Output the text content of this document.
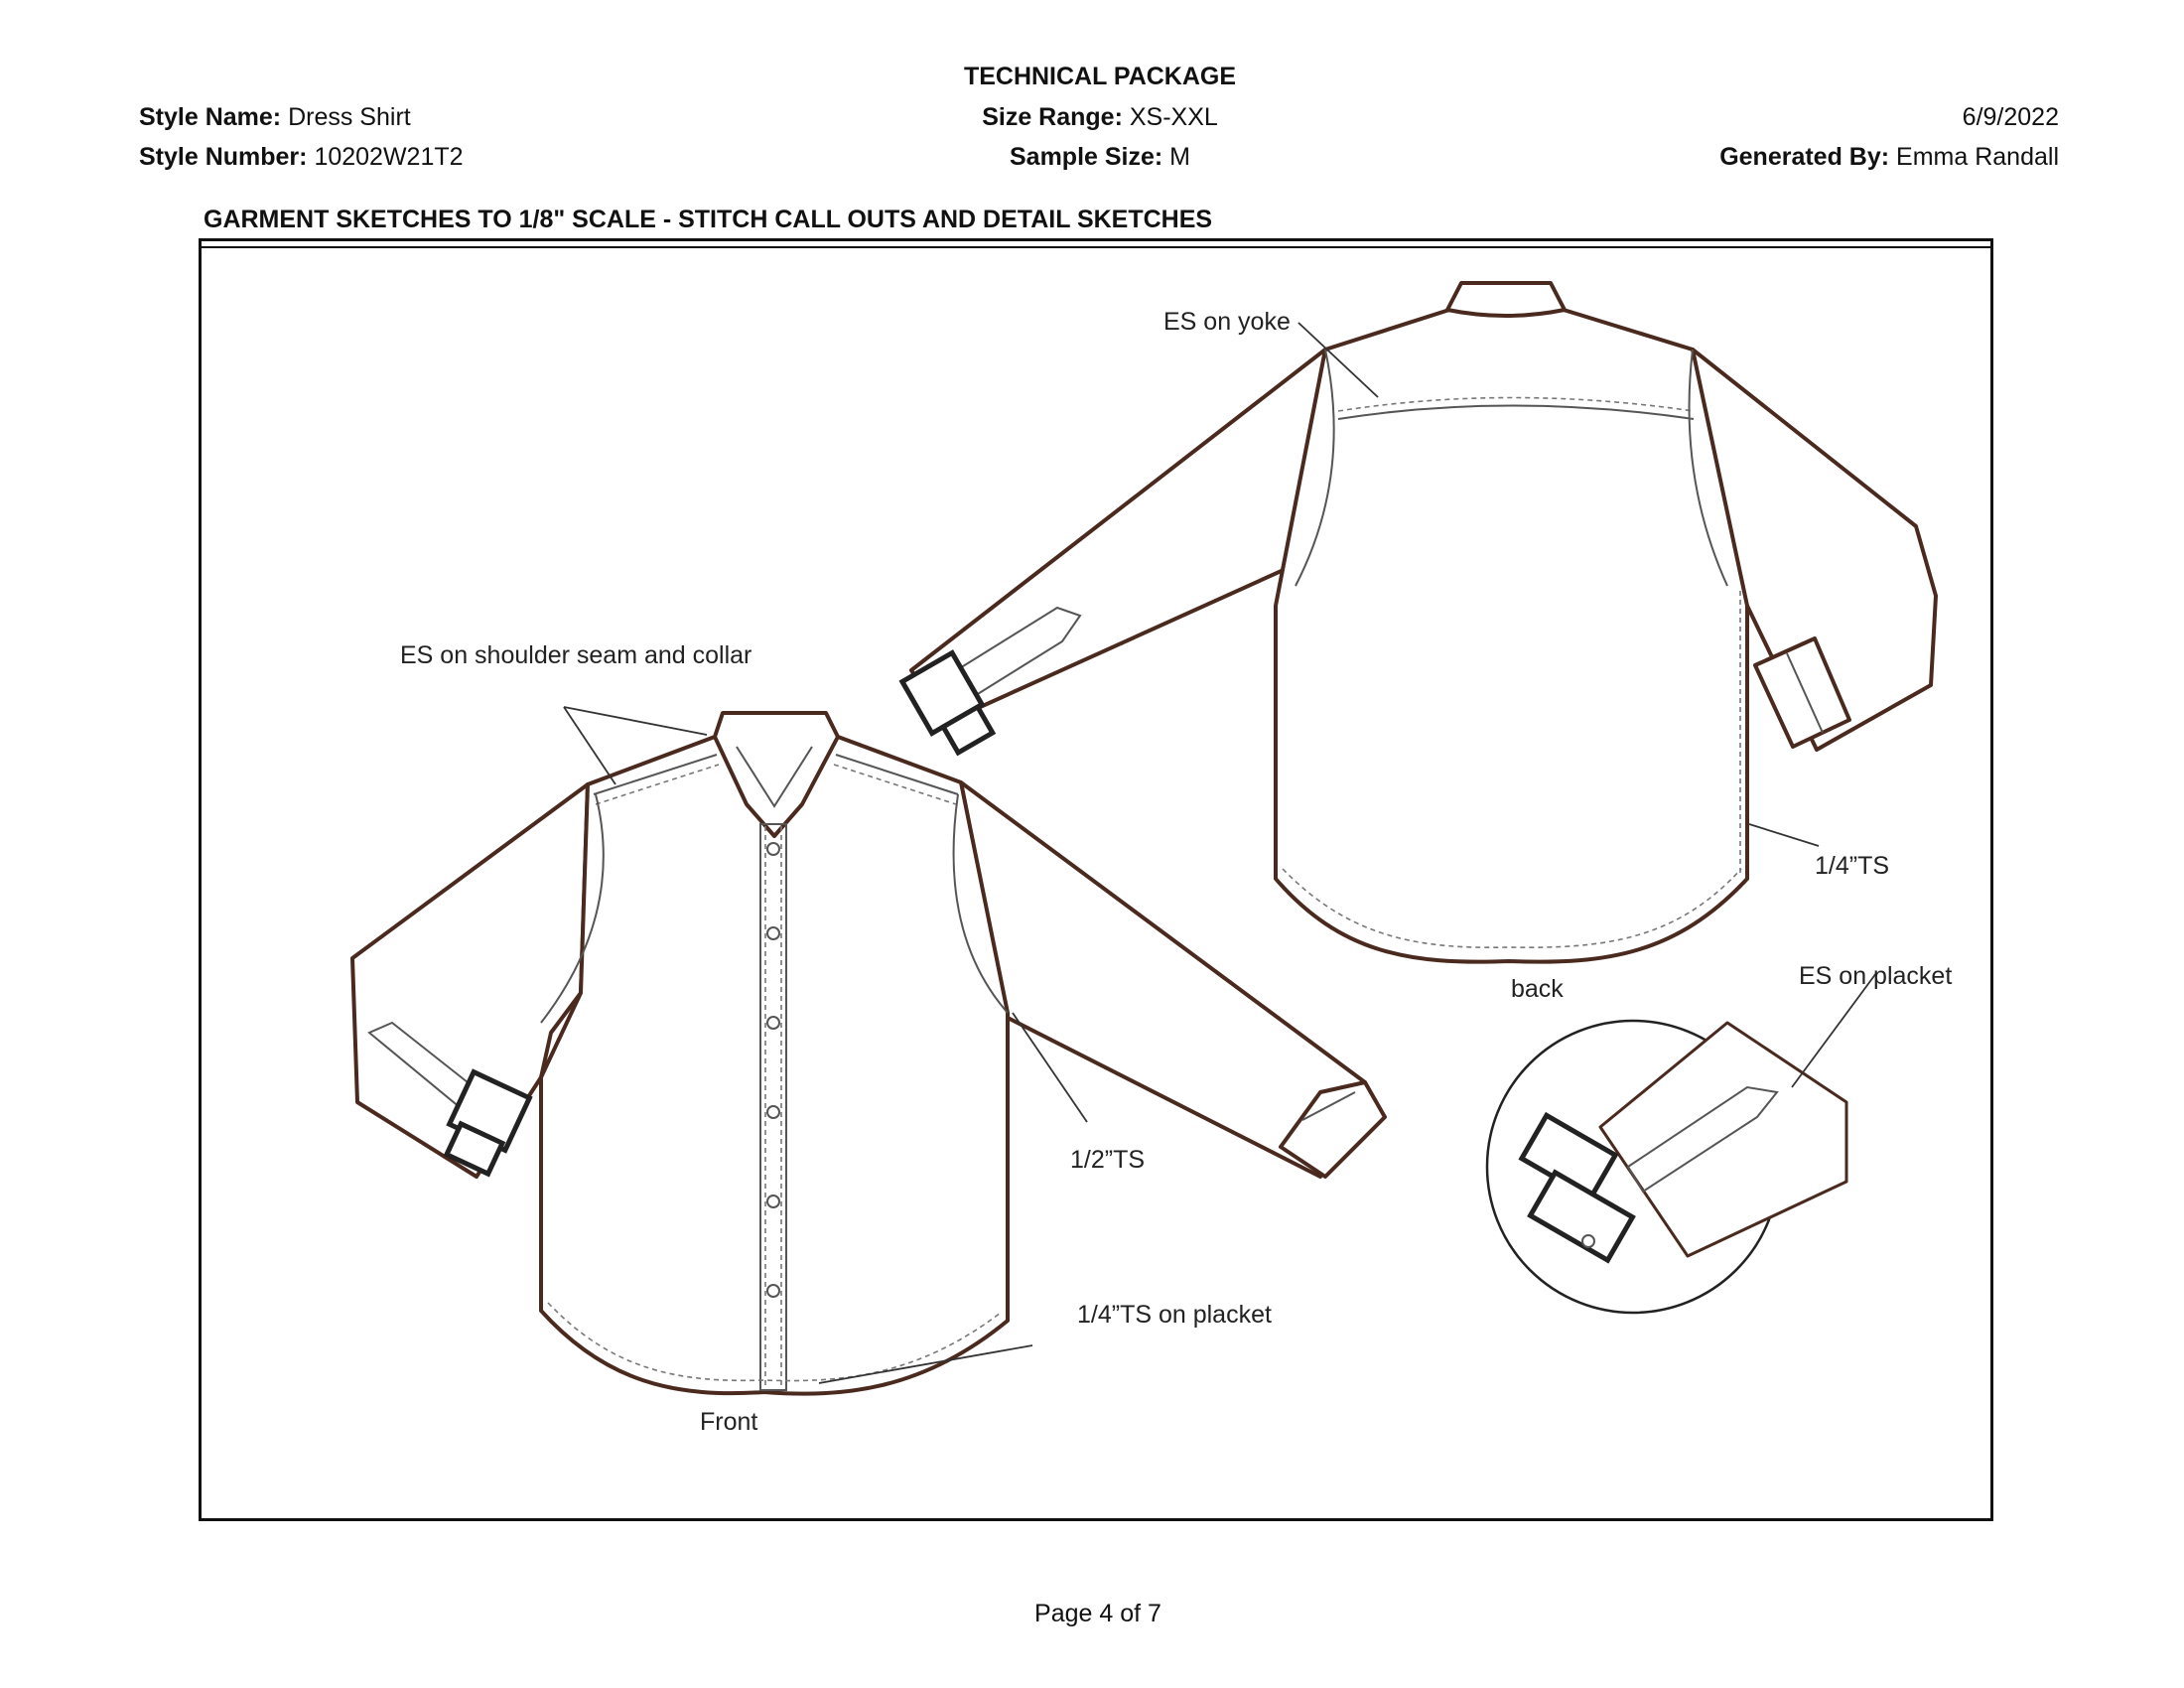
TECHNICAL PACKAGE
Style Name: Dress Shirt
Style Number: 10202W21T2
Size Range: XS-XXL
Sample Size: M
6/9/2022
Generated By: Emma Randall
GARMENT SKETCHES TO 1/8" SCALE - STITCH CALL OUTS AND DETAIL SKETCHES
ES on yoke
ES on shoulder seam and collar
1/4”TS
back	ES on placket
1/2”TS
1/4”TS on placket
Front
Page 4 of 7
